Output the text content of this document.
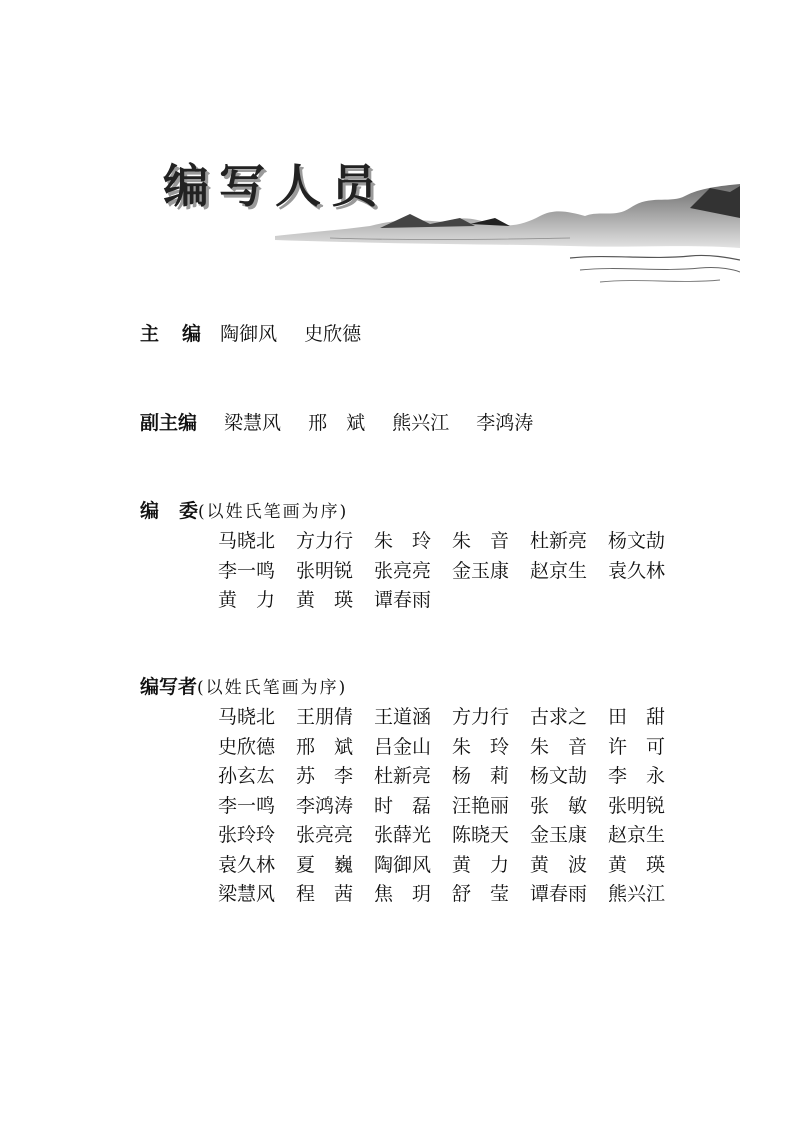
编写人员
主编 陶御风 史欣德
副主编 梁慧风 邢　斌 熊兴江 李鸿涛
编委(以姓氏笔画为序)
马晓北 方力行 朱　玲 朱　音 杜新亮 杨文劼
李一鸣 张明锐 张亮亮 金玉康 赵京生 袁久林
黄　力 黄　瑛 谭春雨
编写者(以姓氏笔画为序)
马晓北 王朋倩 王道涵 方力行 古求之 田　甜
史欣德 邢　斌 吕金山 朱　玲 朱　音 许　可
孙玄厷 苏　李 杜新亮 杨　莉 杨文劼 李　永
李一鸣 李鸿涛 时　磊 汪艳丽 张　敏 张明锐
张玲玲 张亮亮 张薛光 陈晓天 金玉康 赵京生
袁久林 夏　巍 陶御风 黄　力 黄　波 黄　瑛
梁慧风 程　茜 焦　玥 舒　莹 谭春雨 熊兴江
